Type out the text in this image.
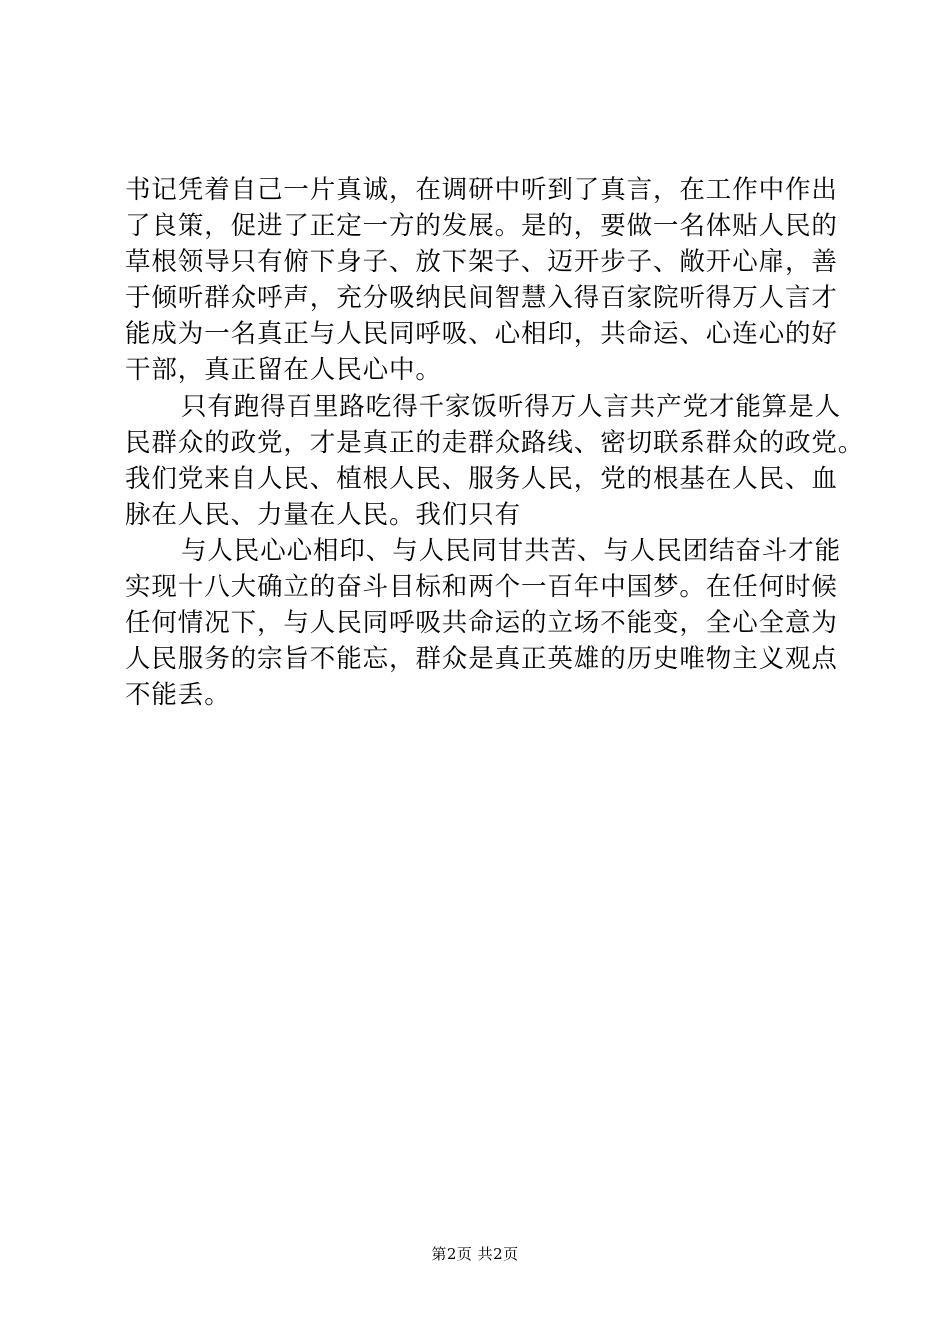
书记凭着自己一片真诚，在调研中听到了真言，在工作中作出
了良策，促进了正定一方的发展。是的，要做一名体贴人民的
草根领导只有俯下身子、放下架子、迈开步子、敞开心扉，善
于倾听群众呼声，充分吸纳民间智慧入得百家院听得万人言才
能成为一名真正与人民同呼吸、心相印，共命运、心连心的好
干部，真正留在人民心中。

只有跑得百里路吃得千家饭听得万人言共产党才能算是人
民群众的政党，才是真正的走群众路线、密切联系群众的政党。
我们党来自人民、植根人民、服务人民，党的根基在人民、血
脉在人民、力量在人民。我们只有

与人民心心相印、与人民同甘共苦、与人民团结奋斗才能
实现十八大确立的奋斗目标和两个一百年中国梦。在任何时候
任何情况下，与人民同呼吸共命运的立场不能变，全心全意为
人民服务的宗旨不能忘，群众是真正英雄的历史唯物主义观点
不能丢。

第2页 共2页
